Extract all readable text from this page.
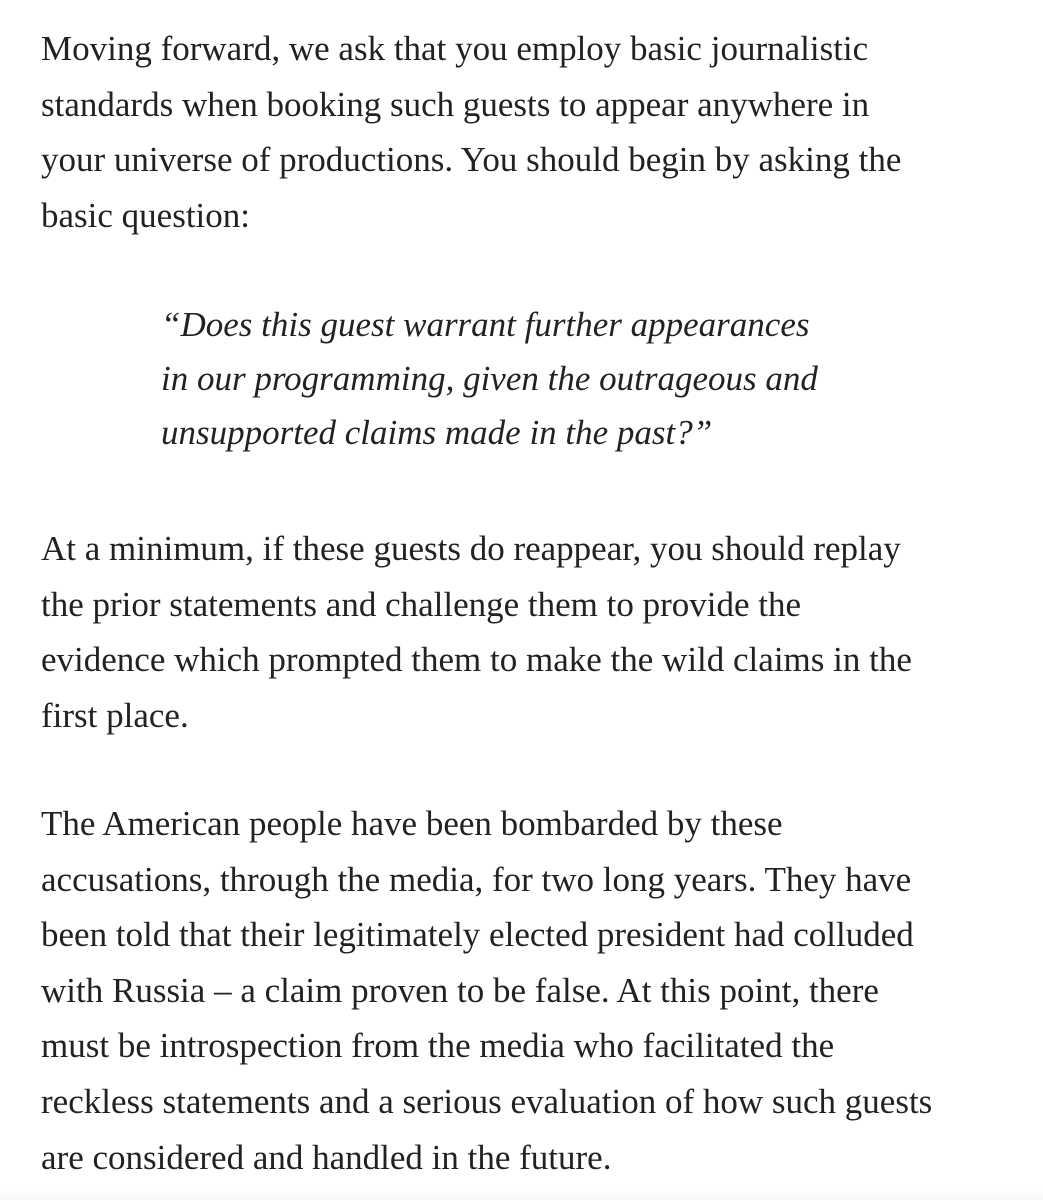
Moving forward, we ask that you employ basic journalistic
standards when booking such guests to appear anywhere in
your universe of productions. You should begin by asking the
basic question:

“Does this guest warrant further appearances
in our programming, given the outrageous and
unsupported claims made in the past?”

At a minimum, if these guests do reappear, you should replay
the prior statements and challenge them to provide the
evidence which prompted them to make the wild claims in the
first place.

The American people have been bombarded by these
accusations, through the media, for two long years. They have
been told that their legitimately elected president had colluded
with Russia – a claim proven to be false. At this point, there
must be introspection from the media who facilitated the
reckless statements and a serious evaluation of how such guests
are considered and handled in the future.
